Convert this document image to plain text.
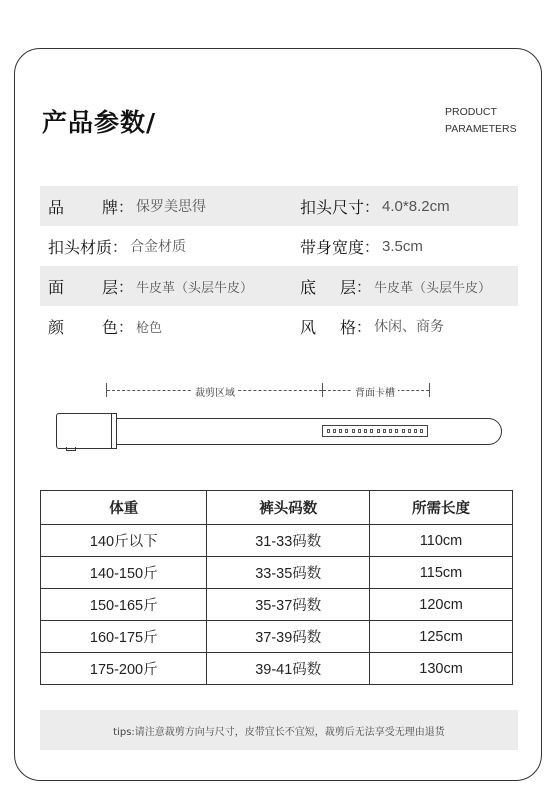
产品参数/	PRODUCT
PARAMETERS
品 牌 ： 保罗美思得	扣头尺寸 ： 4.0*8.2cm
扣头材质 ： 合金材质	带身宽度 ： 3.5cm
面 层 ： 牛皮革（头层牛皮）	底 层 ： 牛皮革（头层牛皮）
颜 色 ： 枪色	风 格 ： 休闲、商务
裁剪区域	背面卡槽
体重	裤头码数	所需长度
140斤以下	31-33码数	110cm
140-150斤	33-35码数	115cm
150-165斤	35-37码数	120cm
160-175斤	37-39码数	125cm
175-200斤	39-41码数	130cm
tips:请注意裁剪方向与尺寸，皮带宜长不宜短，裁剪后无法享受无理由退货
